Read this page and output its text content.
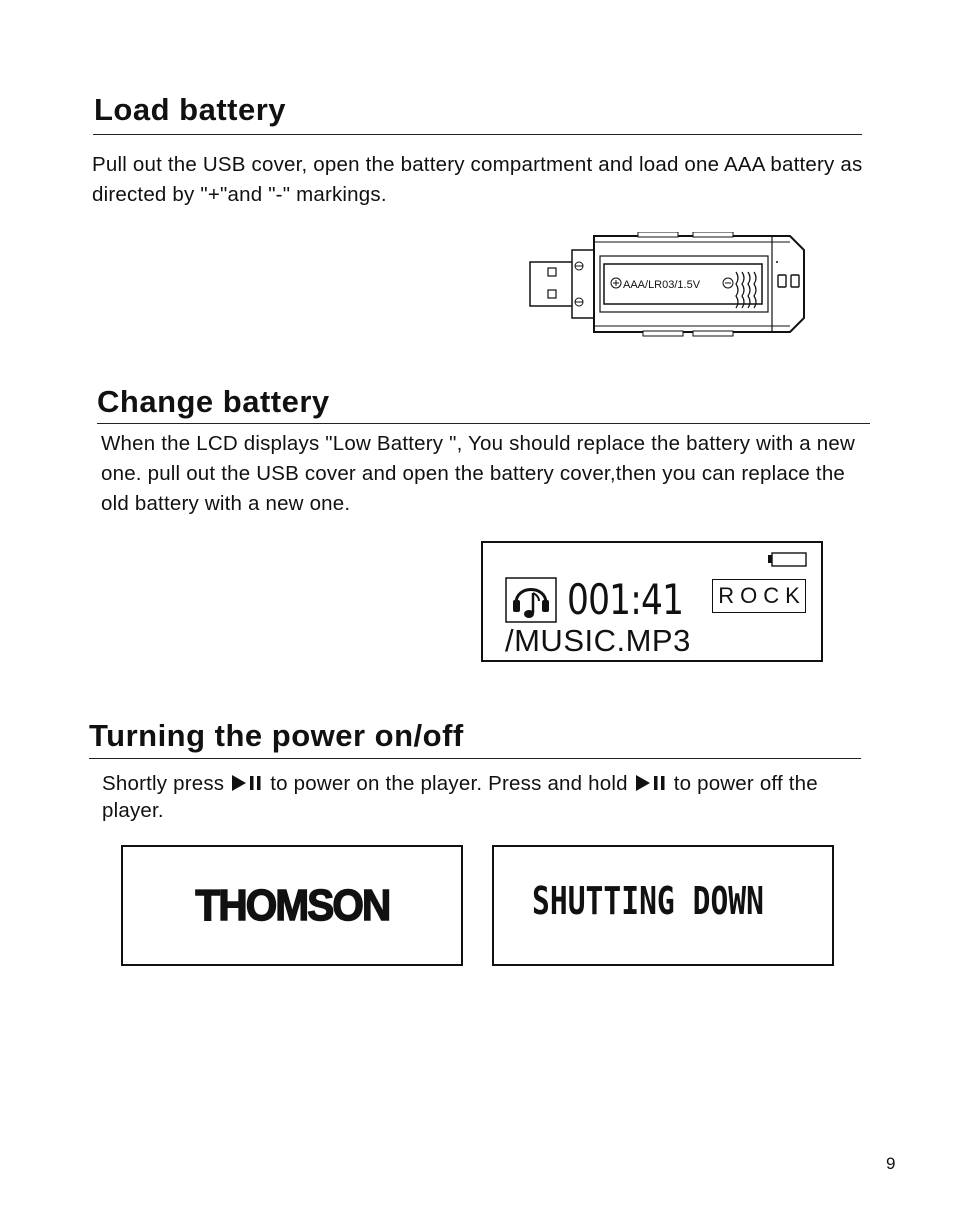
Load battery

Pull out the USB cover, open the battery compartment and load one AAA battery as directed by "+"and "-" markings.

AAA/LR03/1.5V
Change battery

When the LCD displays "Low Battery ", You should replace the battery with a new one. pull out the USB cover and open the battery cover,then you can replace the old battery with a new one.

001:41 ROCK
/MUSIC.MP3
Turning the power on/off
Shortly press to power on the player. Press and hold to power off the player.
THOMSON	SHUTTING DOWN
9
